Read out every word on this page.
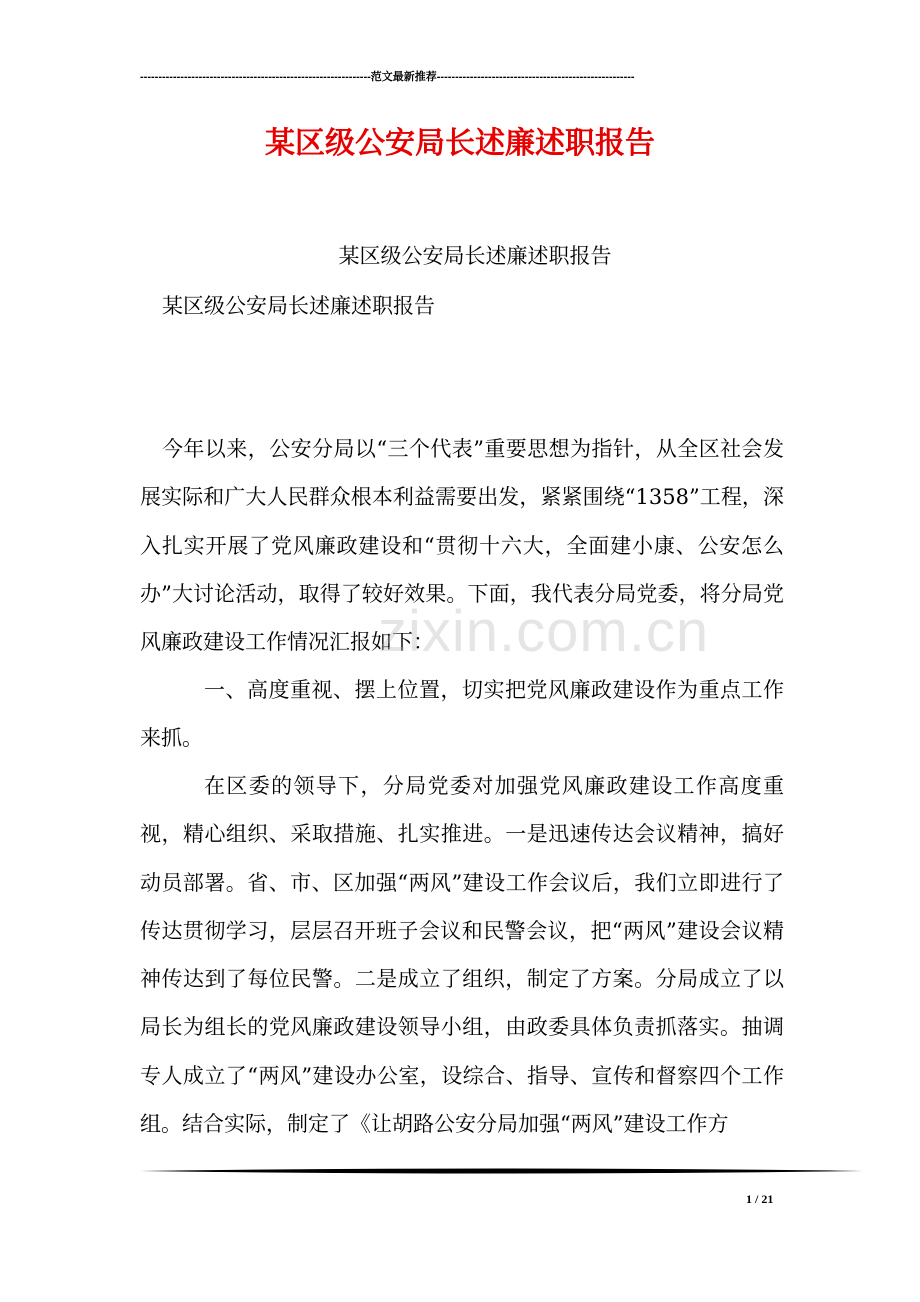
---------------------------------------------------------------范文最新推荐------------------------------------------------------
某区级公安局长述廉述职报告
某区级公安局长述廉述职报告
某区级公安局长述廉述职报告

今年以来，公安分局以“三个代表”重要思想为指针，从全区社会发展实际和广大人民群众根本利益需要出发，紧紧围绕“1358”工程，深入扎实开展了党风廉政建设和“贯彻十六大，全面建小康、公安怎么办”大讨论活动，取得了较好效果。下面，我代表分局党委，将分局党风廉政建设工作情况汇报如下：

一、高度重视、摆上位置，切实把党风廉政建设作为重点工作来抓。

在区委的领导下，分局党委对加强党风廉政建设工作高度重视，精心组织、采取措施、扎实推进。一是迅速传达会议精神，搞好动员部署。省、市、区加强“两风”建设工作会议后，我们立即进行了传达贯彻学习，层层召开班子会议和民警会议，把“两风”建设会议精神传达到了每位民警。二是成立了组织，制定了方案。分局成立了以局长为组长的党风廉政建设领导小组，由政委具体负责抓落实。抽调专人成立了“两风”建设办公室，设综合、指导、宣传和督察四个工作组。结合实际，制定了《让胡路公安分局加强“两风”建设工作方

zixin.com.cn
1 / 21
